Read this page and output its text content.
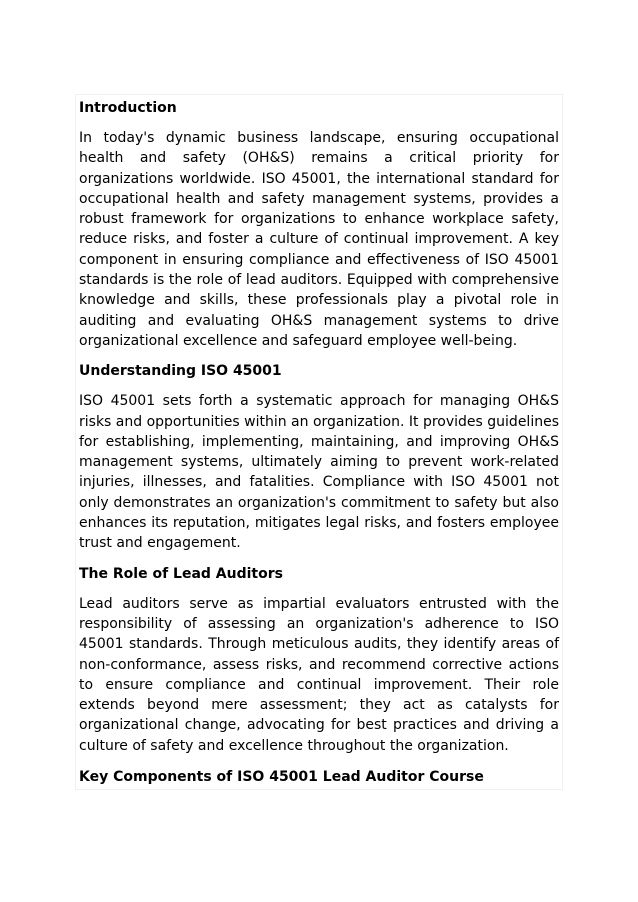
Introduction

In today's dynamic business landscape, ensuring occupational health and safety (OH&S) remains a critical priority for organizations worldwide. ISO 45001, the international standard for occupational health and safety management systems, provides a robust framework for organizations to enhance workplace safety, reduce risks, and foster a culture of continual improvement. A key component in ensuring compliance and effectiveness of ISO 45001 standards is the role of lead auditors. Equipped with comprehensive knowledge and skills, these professionals play a pivotal role in auditing and evaluating OH&S management systems to drive organizational excellence and safeguard employee well-being.

Understanding ISO 45001

ISO 45001 sets forth a systematic approach for managing OH&S risks and opportunities within an organization. It provides guidelines for establishing, implementing, maintaining, and improving OH&S management systems, ultimately aiming to prevent work-related injuries, illnesses, and fatalities. Compliance with ISO 45001 not only demonstrates an organization's commitment to safety but also enhances its reputation, mitigates legal risks, and fosters employee trust and engagement.

The Role of Lead Auditors

Lead auditors serve as impartial evaluators entrusted with the responsibility of assessing an organization's adherence to ISO 45001 standards. Through meticulous audits, they identify areas of non-conformance, assess risks, and recommend corrective actions to ensure compliance and continual improvement. Their role extends beyond mere assessment; they act as catalysts for organizational change, advocating for best practices and driving a culture of safety and excellence throughout the organization.

Key Components of ISO 45001 Lead Auditor Course
